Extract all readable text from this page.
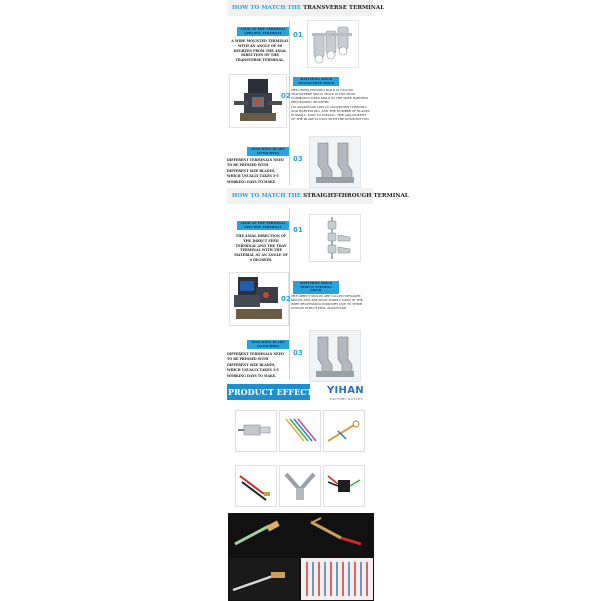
HOW TO MATCH THE TRANSVERSE TERMINAL
LOOK AT THE TERMINAL SPECIFIC TERMINAL	01
A WIRE MOUNTED TERMINAL WITH AN ANGLE OF 90 DEGREES FROM THE AXIAL DIRECTION OF THE TRANSVERSE TERMINAL.
MATCHING MOLD TRANSVERSE MOLD
02
THE CROSS-FEEDING MOLD IS CALLED TRANSVERSE MOLD. MOLD IS THE MOST COMMONLY USED MOLD IN THE WIRE HARNESS PROCESSING INDUSTRY.
ITS ADVANTAGE LIES IN CONVENIENT FEEDING AND HARVESTING, AND THE NUMBER OF BLADES IS SMALL, EASY TO INSTALL. THE ADJUSTMENT OF THE BLADE IS EASY WITH THE KNOB BUTTON.
MATCHING BLADE (ATTACHED)
03
DIFFERENT TERMINALS NEED TO BE PRESSED WITH DIFFERENT SIZE BLADES, WHICH USUALLY TAKES 3-5 WORKING DAYS TO MAKE.
HOW TO MATCH THE STRAIGHT-THROUGH TERMINAL
LOOK AT THE TERMINAL SPECIFIC TERMINAL	01
THE AXIAL DIRECTION OF THE DIRECT FEED TERMINAL AND THE TRAY TERMINAL WITH THE MATERIAL AT AN ANGLE OF 0 DEGREES.
MATCHING MOLD DIRECT FEEDING MOLD
02 THE DIRECT MOLDS ARE CALLED STRAIGHT MOLDS AND ARE MOST WIDELY USED IN THE WIRE PROCESSING INDUSTRY DUE TO THEIR UNIQUE STRUCTURAL ADVANTAGE.
MATCHING BLADE (ATTACHED)
03
DIFFERENT TERMINALS NEED TO BE PRESSED WITH DIFFERENT SIZE BLADES, WHICH USUALLY TAKES 3-5 WORKING DAYS TO MAKE.
PRODUCT EFFECT YIHAN
FACTORY OUTLET
